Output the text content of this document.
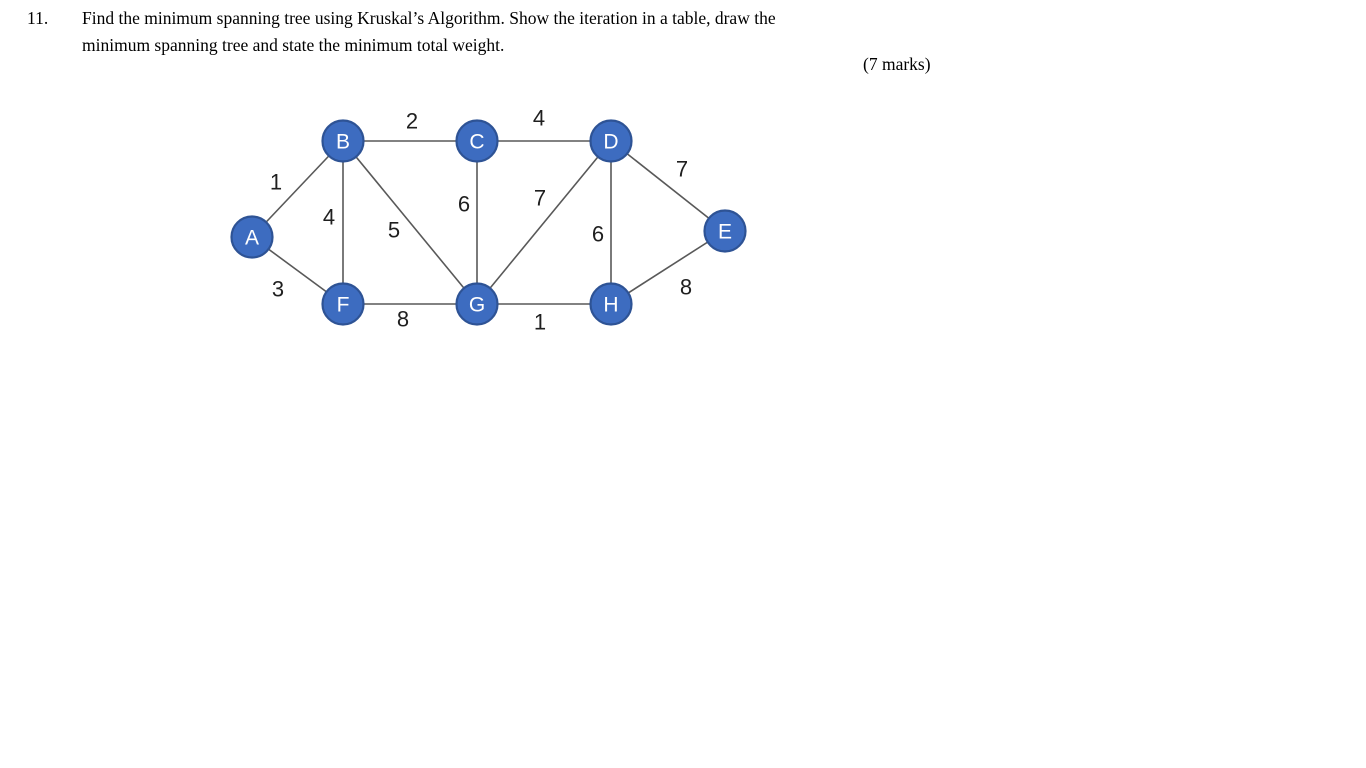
11. Find the minimum spanning tree using Kruskal’s Algorithm. Show the iteration in a table, draw the
minimum spanning tree and state the minimum total weight.
(7 marks)
1
3
2
4
5
4
6
7
7
6
8	1
8
A
B	C	D
E
F	G	H
